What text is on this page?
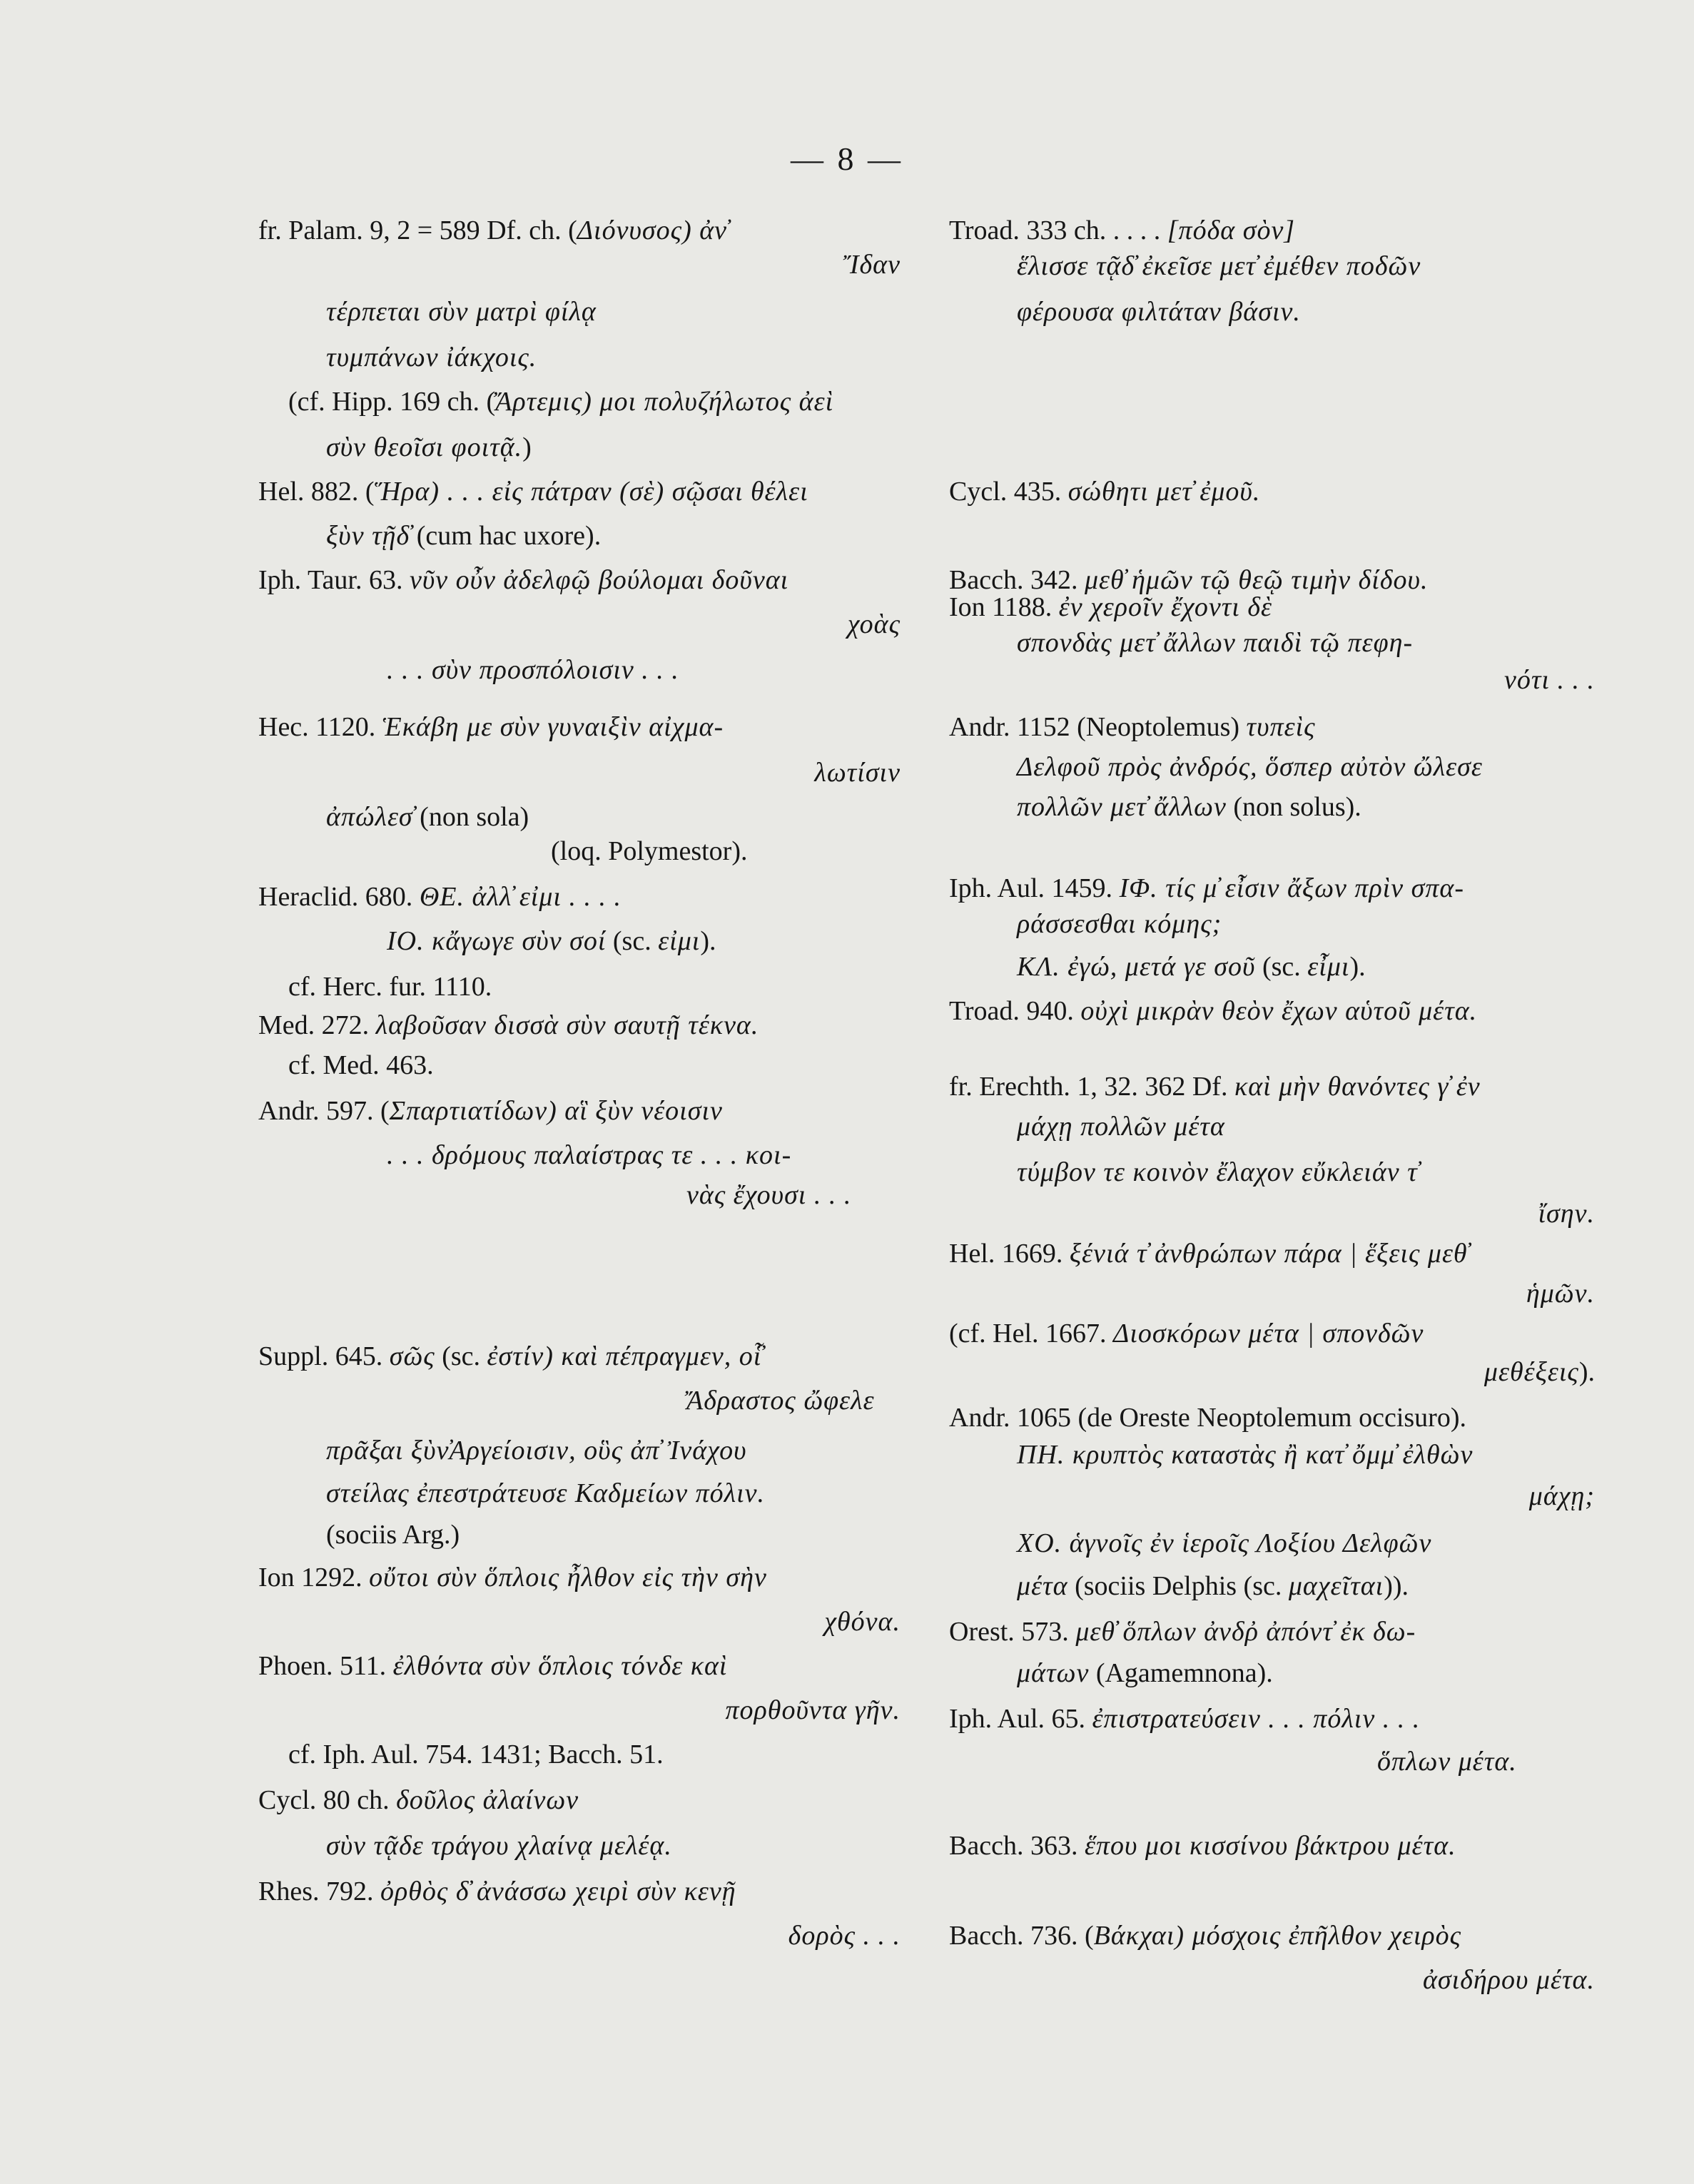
— 8 —
fr. Palam. 9, 2 = 589 Df. ch. (Διόνυσος) ἀν̓
Ἴδαν
τέρπεται σὺν ματρὶ φίλᾳ
τυμπάνων ἰάκχοις.
(cf. Hipp. 169 ch. (Ἄρτεμις) μοι πολυζήλωτος ἀεὶ
σὺν θεοῖσι φοιτᾷ.)
Hel. 882. (Ἥρα) . . . εἰς πάτραν (σὲ) σῷσαι θέλει
ξὺν τῇδ̓ (cum hac uxore).
Iph. Taur. 63. νῦν οὖν ἀδελφῷ βούλομαι δοῦναι
χοὰς
. . . σὺν προσπόλοισιν . . .
Hec. 1120. Ἑκάβη με σὺν γυναιξὶν αἰχμα-
λωτίσιν
ἀπώλεσ̓ (non sola)
(loq. Polymestor).
Heraclid. 680. ΘΕ. ἀλλ̓ εἰμι . . . .
ΙΟ. κἄγωγε σὺν σοί (sc. εἰμι).
cf. Herc. fur. 1110.
Med. 272. λαβοῦσαν δισσὰ σὺν σαυτῇ τέκνα.
cf. Med. 463.
Andr. 597. (Σπαρτιατίδων) αἳ ξὺν νέοισιν
. . . δρόμους παλαίστρας τε . . . κοι-
νὰς ἔχουσι . . .
Suppl. 645. σῶς (sc. ἐστίν) καὶ πέπραγμεν, οἷ̓
Ἄδραστος ὤφελε
πρᾶξαι ξὺν̓Αργείοισιν, οὓς ἀπ̓ Ἰνάχου
στείλας ἐπεστράτευσε Καδμείων πόλιν.
(sociis Arg.)
Ion 1292. οὔτοι σὺν ὅπλοις ἦλθον εἰς τὴν σὴν
χθόνα.
Phoen. 511. ἐλθόντα σὺν ὅπλοις τόνδε καὶ
πορθοῦντα γῆν.
cf. Iph. Aul. 754. 1431; Bacch. 51.
Cycl. 80 ch. δοῦλος ἀλαίνων
σὺν τᾷδε τράγου χλαίνᾳ μελέᾳ.
Rhes. 792. ὀρθὸς δ̓ ἀνάσσω χειρὶ σὺν κενῇ
δορὸς . . .
Troad. 333 ch. . . . . [πόδα σὸν]
ἕλισσε τᾷδ̓ ἐκεῖσε μετ̓ ἐμέθεν ποδῶν
φέρουσα φιλτάταν βάσιν.
Cycl. 435. σώθητι μετ̓ ἐμοῦ.
Bacch. 342. μεθ̓ ἡμῶν τῷ θεῷ τιμὴν δίδου.
Ion 1188. ἐν χεροῖν ἔχοντι δὲ
σπονδὰς μετ̓ ἄλλων παιδὶ τῷ πεφη-
νότι . . .
Andr. 1152 (Neoptolemus) τυπεὶς
Δελφοῦ πρὸς ἀνδρός, ὅσπερ αὐτὸν ὤλεσε
πολλῶν μετ̓ ἄλλων (non solus).
Iph. Aul. 1459. ΙΦ. τίς μ̓ εἶσιν ἄξων πρὶν σπα-
ράσσεσθαι κόμης;
ΚΛ. ἐγώ, μετά γε σοῦ (sc. εἶμι).
Troad. 940. οὐχὶ μικρὰν θεὸν ἔχων αὑτοῦ μέτα.
fr. Erechth. 1, 32. 362 Df. καὶ μὴν θανόντες γ̓ ἐν
μάχῃ πολλῶν μέτα
τύμβον τε κοινὸν ἔλαχον εὔκλειάν τ̓
ἴσην.
Hel. 1669. ξένιά τ̓ ἀνθρώπων πάρα | ἕξεις μεθ̓
ἡμῶν.
(cf. Hel. 1667. Διοσκόρων μέτα | σπονδῶν
μεθέξεις).
Andr. 1065 (de Oreste Neoptolemum occisuro).
ΠΗ. κρυπτὸς καταστὰς ἢ κατ̓ ὄμμ̓ ἐλθὼν
μάχῃ;
ΧΟ. ἁγνοῖς ἐν ἱεροῖς Λοξίου Δελφῶν
μέτα (sociis Delphis (sc. μαχεῖται)).
Orest. 573. μεθ̓ ὅπλων ἀνδῤ ἀπόντ̓ ἐκ δω-
μάτων (Agamemnona).
Iph. Aul. 65. ἐπιστρατεύσειν . . . πόλιν . . .
ὅπλων μέτα.
Bacch. 363. ἕπου μοι κισσίνου βάκτρου μέτα.
Bacch. 736. (Βάκχαι) μόσχοις ἐπῆλθον χειρὸς
ἀσιδήρου μέτα.
